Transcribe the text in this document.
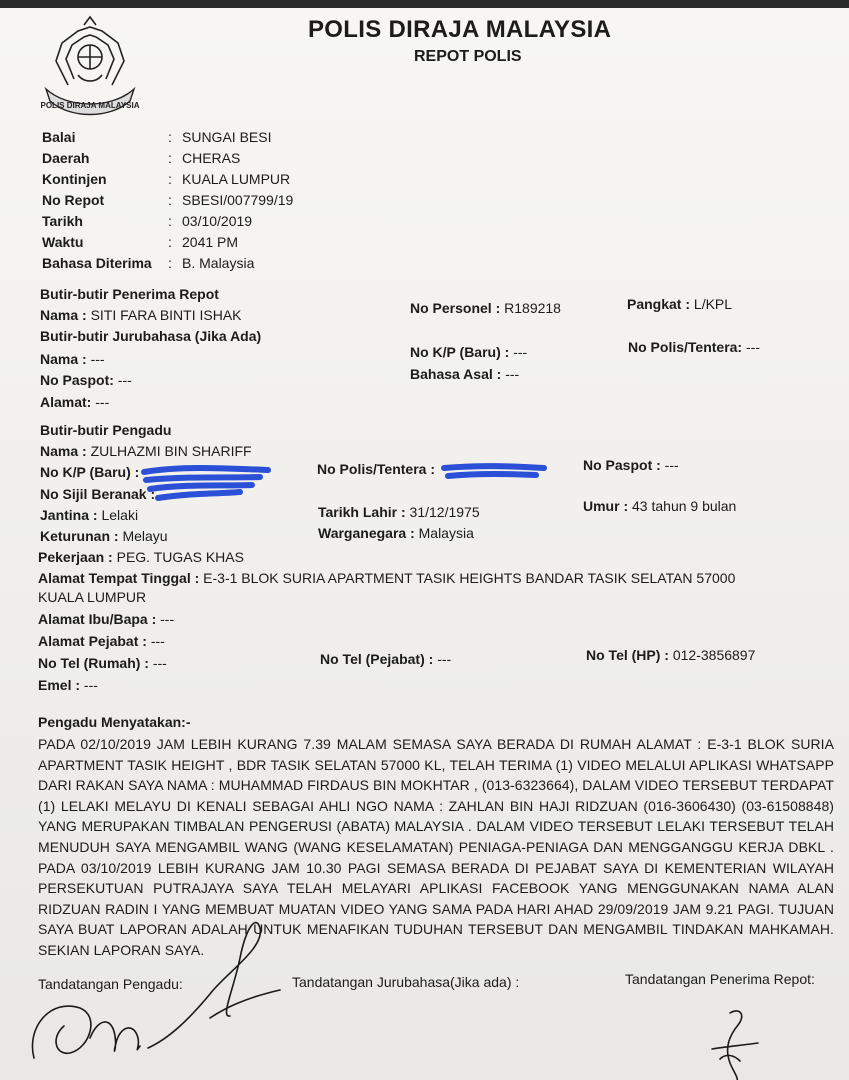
POLIS DIRAJA MALAYSIA
POLIS DIRAJA MALAYSIA
REPOT POLIS
Balai	: SUNGAI BESI
Daerah	: CHERAS
Kontinjen	: KUALA LUMPUR
No Repot	: SBESI/007799/19
Tarikh	: 03/10/2019
Waktu	: 2041 PM
Bahasa Diterima : B. Malaysia
Butir-butir Penerima Repot
Nama : SITI FARA BINTI ISHAK	No Personel : R189218	Pangkat : L/KPL
Butir-butir Jurubahasa (Jika Ada)
Nama : ---	No K/P (Baru) : ---	No Polis/Tentera: ---
No Paspot: ---	Bahasa Asal : ---
Alamat: ---
Butir-butir Pengadu
Nama : ZULHAZMI BIN SHARIFF
No K/P (Baru) :	No Polis/Tentera :	No Paspot : ---
No Sijil Beranak :
Jantina : Lelaki	Tarikh Lahir : 31/12/1975	Umur : 43 tahun 9 bulan
Keturunan : Melayu	Warganegara : Malaysia
Pekerjaan : PEG. TUGAS KHAS
Alamat Tempat Tinggal : E-3-1 BLOK SURIA APARTMENT TASIK HEIGHTS BANDAR TASIK SELATAN 57000
KUALA LUMPUR
Alamat Ibu/Bapa : ---
Alamat Pejabat : ---
No Tel (Rumah) : ---	No Tel (Pejabat) : ---	No Tel (HP) : 012-3856897
Emel : ---
Pengadu Menyatakan:-
PADA 02/10/2019 JAM LEBIH KURANG 7.39 MALAM SEMASA SAYA BERADA DI RUMAH ALAMAT : E-3-1 BLOK SURIA APARTMENT TASIK HEIGHT , BDR TASIK SELATAN 57000 KL, TELAH TERIMA (1) VIDEO MELALUI APLIKASI WHATSAPP DARI RAKAN SAYA NAMA : MUHAMMAD FIRDAUS BIN MOKHTAR , (013-6323664), DALAM VIDEO TERSEBUT TERDAPAT (1) LELAKI MELAYU DI KENALI SEBAGAI AHLI NGO NAMA : ZAHLAN BIN HAJI RIDZUAN (016-3606430) (03-61508848) YANG MERUPAKAN TIMBALAN PENGERUSI (ABATA) MALAYSIA . DALAM VIDEO TERSEBUT LELAKI TERSEBUT TELAH MENUDUH SAYA MENGAMBIL WANG (WANG KESELAMATAN) PENIAGA-PENIAGA DAN MENGGANGGU KERJA DBKL . PADA 03/10/2019 LEBIH KURANG JAM 10.30 PAGI SEMASA BERADA DI PEJABAT SAYA DI KEMENTERIAN WILAYAH PERSEKUTUAN PUTRAJAYA SAYA TELAH MELAYARI APLIKASI FACEBOOK YANG MENGGUNAKAN NAMA ALAN RIDZUAN RADIN I YANG MEMBUAT MUATAN VIDEO YANG SAMA PADA HARI AHAD 29/09/2019 JAM 9.21 PAGI. TUJUAN SAYA BUAT LAPORAN ADALAH UNTUK MENAFIKAN TUDUHAN TERSEBUT DAN MENGAMBIL TINDAKAN MAHKAMAH. SEKIAN LAPORAN SAYA.
Tandatangan Pengadu:	Tandatangan Jurubahasa(Jika ada) :	Tandatangan Penerima Repot:
